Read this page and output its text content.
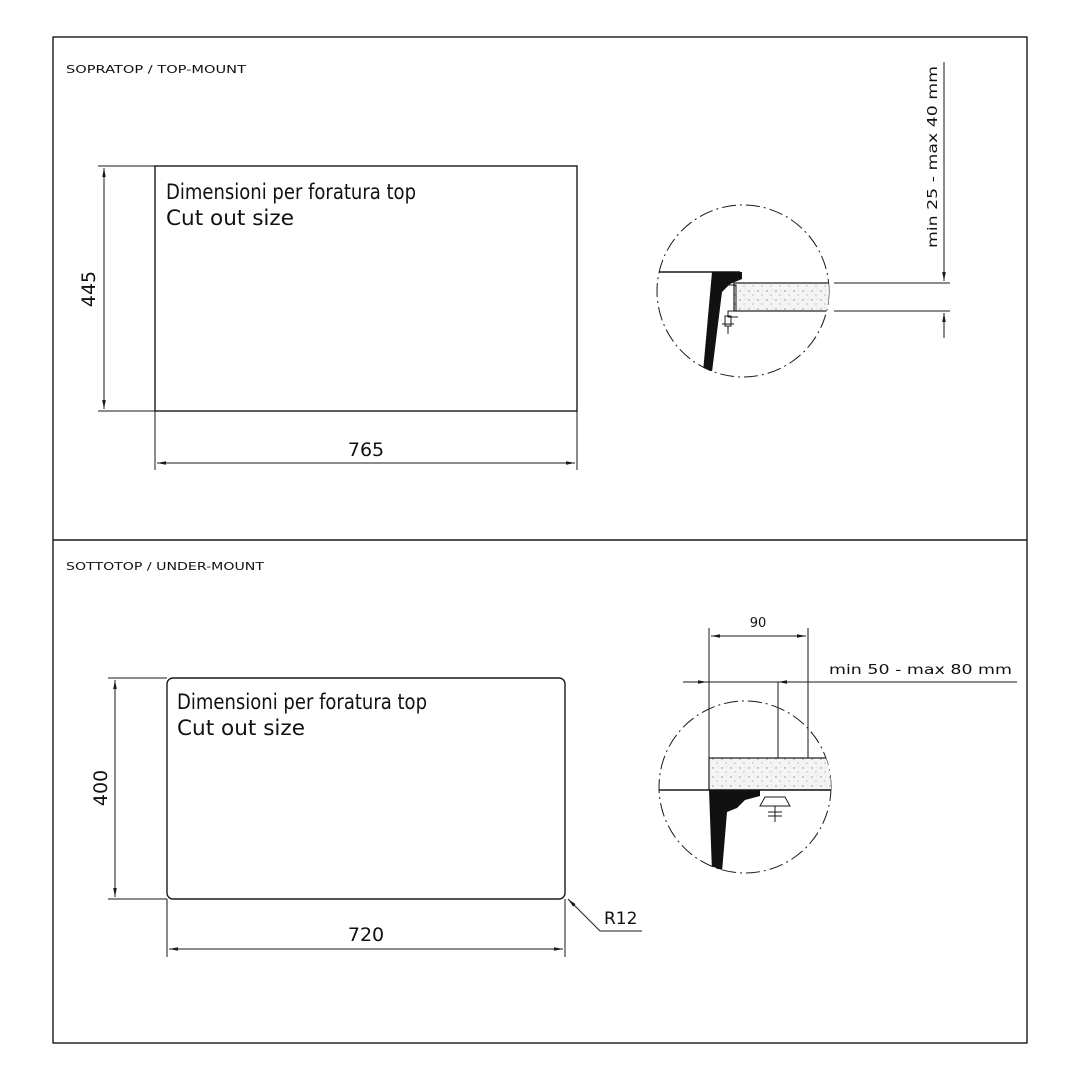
SOPRATOP / TOP-MOUNT
Dimensioni per foratura top
Cut out size
445
765
min 25 - max 40 mm
SOTTOTOP / UNDER-MOUNT
Dimensioni per foratura top
Cut out size
400
720
R12
90
min 50 - max 80 mm
